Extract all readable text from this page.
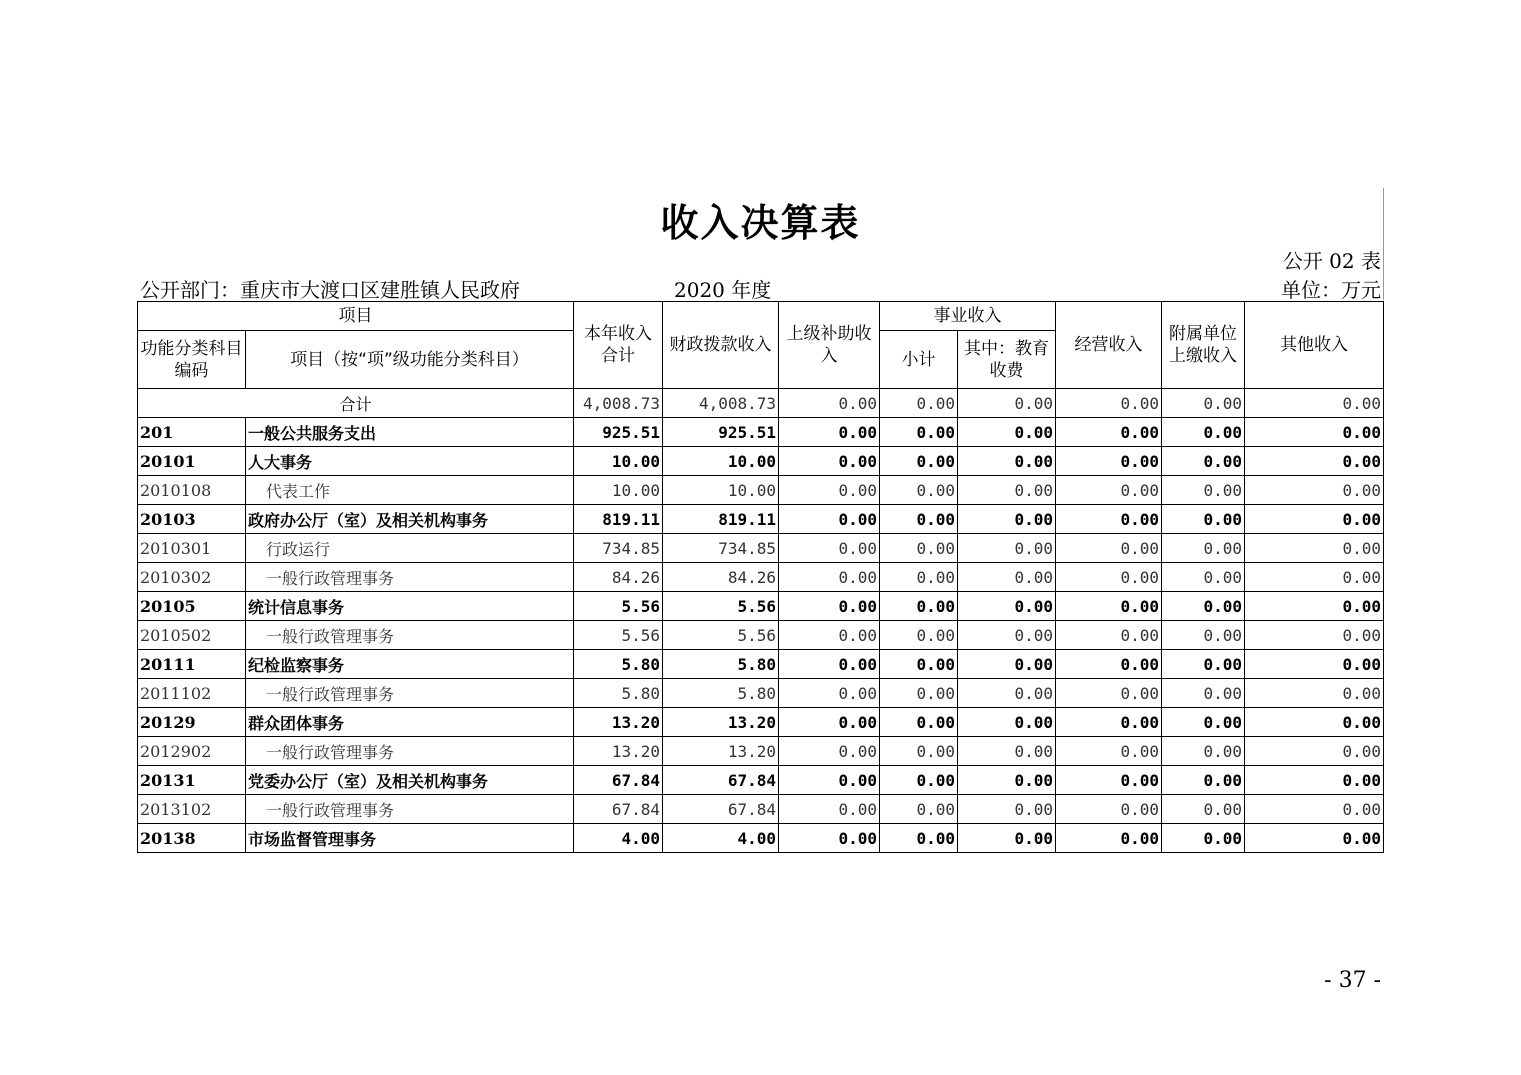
收入决算表
公开 02 表
公开部门：重庆市大渡口区建胜镇人民政府	2020 年度	单位：万元
项目		本年收入合计	财政拨款收入	上级补助收入	事业收入		经营收入	附属单位上缴收入	其他收入
功能分类科目编码	项目（按“项”级功能分类科目）								
					小计	其中：教育收费			
合计		4,008.73	4,008.73	0.00	0.00	0.00	0.00	0.00	0.00
201	一般公共服务支出	925.51	925.51	0.00	0.00	0.00	0.00	0.00	0.00
20101	人大事务	10.00	10.00	0.00	0.00	0.00	0.00	0.00	0.00
2010108	代表工作	10.00	10.00	0.00	0.00	0.00	0.00	0.00	0.00
20103	政府办公厅（室）及相关机构事务	819.11	819.11	0.00	0.00	0.00	0.00	0.00	0.00
2010301	行政运行	734.85	734.85	0.00	0.00	0.00	0.00	0.00	0.00
2010302	一般行政管理事务	84.26	84.26	0.00	0.00	0.00	0.00	0.00	0.00
20105	统计信息事务	5.56	5.56	0.00	0.00	0.00	0.00	0.00	0.00
2010502	一般行政管理事务	5.56	5.56	0.00	0.00	0.00	0.00	0.00	0.00
20111	纪检监察事务	5.80	5.80	0.00	0.00	0.00	0.00	0.00	0.00
2011102	一般行政管理事务	5.80	5.80	0.00	0.00	0.00	0.00	0.00	0.00
20129	群众团体事务	13.20	13.20	0.00	0.00	0.00	0.00	0.00	0.00
2012902	一般行政管理事务	13.20	13.20	0.00	0.00	0.00	0.00	0.00	0.00
20131	党委办公厅（室）及相关机构事务	67.84	67.84	0.00	0.00	0.00	0.00	0.00	0.00
2013102	一般行政管理事务	67.84	67.84	0.00	0.00	0.00	0.00	0.00	0.00
20138	市场监督管理事务	4.00	4.00	0.00	0.00	0.00	0.00	0.00	0.00
- 37 -
